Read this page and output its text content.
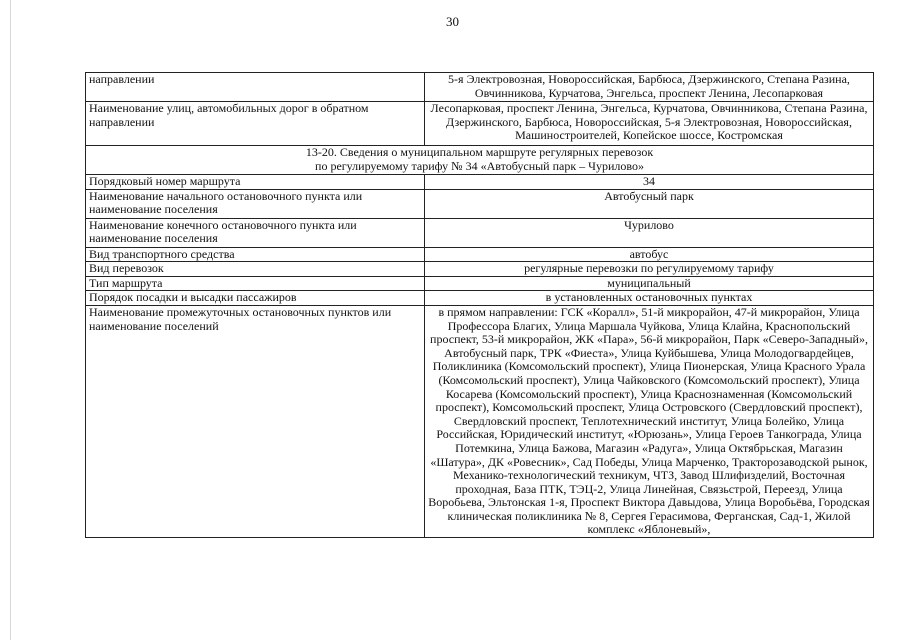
30
направлении	5-я Электровозная, Новороссийская, Барбюса, Дзержинского, Степана Разина, Овчинникова, Курчатова, Энгельса, проспект Ленина, Лесопарковая
Наименование улиц, автомобильных дорог в обратном направлении	Лесопарковая, проспект Ленина, Энгельса, Курчатова, Овчинникова, Степана Разина, Дзержинского, Барбюса, Новороссийская, 5-я Электровозная, Новороссийская, Машиностроителей, Копейское шоссе, Костромская
13-20. Сведения о муниципальном маршруте регулярных перевозок
по регулируемому тарифу № 34 «Автобусный парк – Чурилово»	
Порядковый номер маршрута	34
Наименование начального остановочного пункта или наименование поселения	Автобусный парк
Наименование конечного остановочного пункта или наименование поселения	Чурилово
Вид транспортного средства	автобус
Вид перевозок	регулярные перевозки по регулируемому тарифу
Тип маршрута	муниципальный
Порядок посадки и высадки пассажиров	в установленных остановочных пунктах
Наименование промежуточных остановочных пунктов или наименование поселений	в прямом направлении: ГСК «Коралл», 51-й микрорайон, 47-й микрорайон, Улица Профессора Благих, Улица Маршала Чуйкова, Улица Клайна, Краснопольский проспект, 53-й микрорайон, ЖК «Пара», 56-й микрорайон, Парк «Северо-Западный», Автобусный парк, ТРК «Фиеста», Улица Куйбышева, Улица Молодогвардейцев, Поликлиника (Комсомольский проспект), Улица Пионерская, Улица Красного Урала (Комсомольский проспект), Улица Чайковского (Комсомольский проспект), Улица Косарева (Комсомольский проспект), Улица Краснознаменная (Комсомольский проспект), Комсомольский проспект, Улица Островского (Свердловский проспект), Свердловский проспект, Теплотехнический институт, Улица Болейко, Улица Российская, Юридический институт, «Юрюзань», Улица Героев Танкограда, Улица Потемкина, Улица Бажова, Магазин «Радуга», Улица Октябрьская, Магазин «Шатура», ДК «Ровесник», Сад Победы, Улица Марченко, Тракторозаводской рынок, Механико-технологический техникум, ЧТЗ, Завод Шлифизделий, Восточная проходная, База ПТК, ТЭЦ-2, Улица Линейная, Связьстрой, Переезд, Улица Воробьева, Эльтонская 1-я, Проспект Виктора Давыдова, Улица Воробьёва, Городская клиническая поликлиника № 8, Сергея Герасимова, Ферганская, Сад-1, Жилой комплекс «Яблоневый»,
